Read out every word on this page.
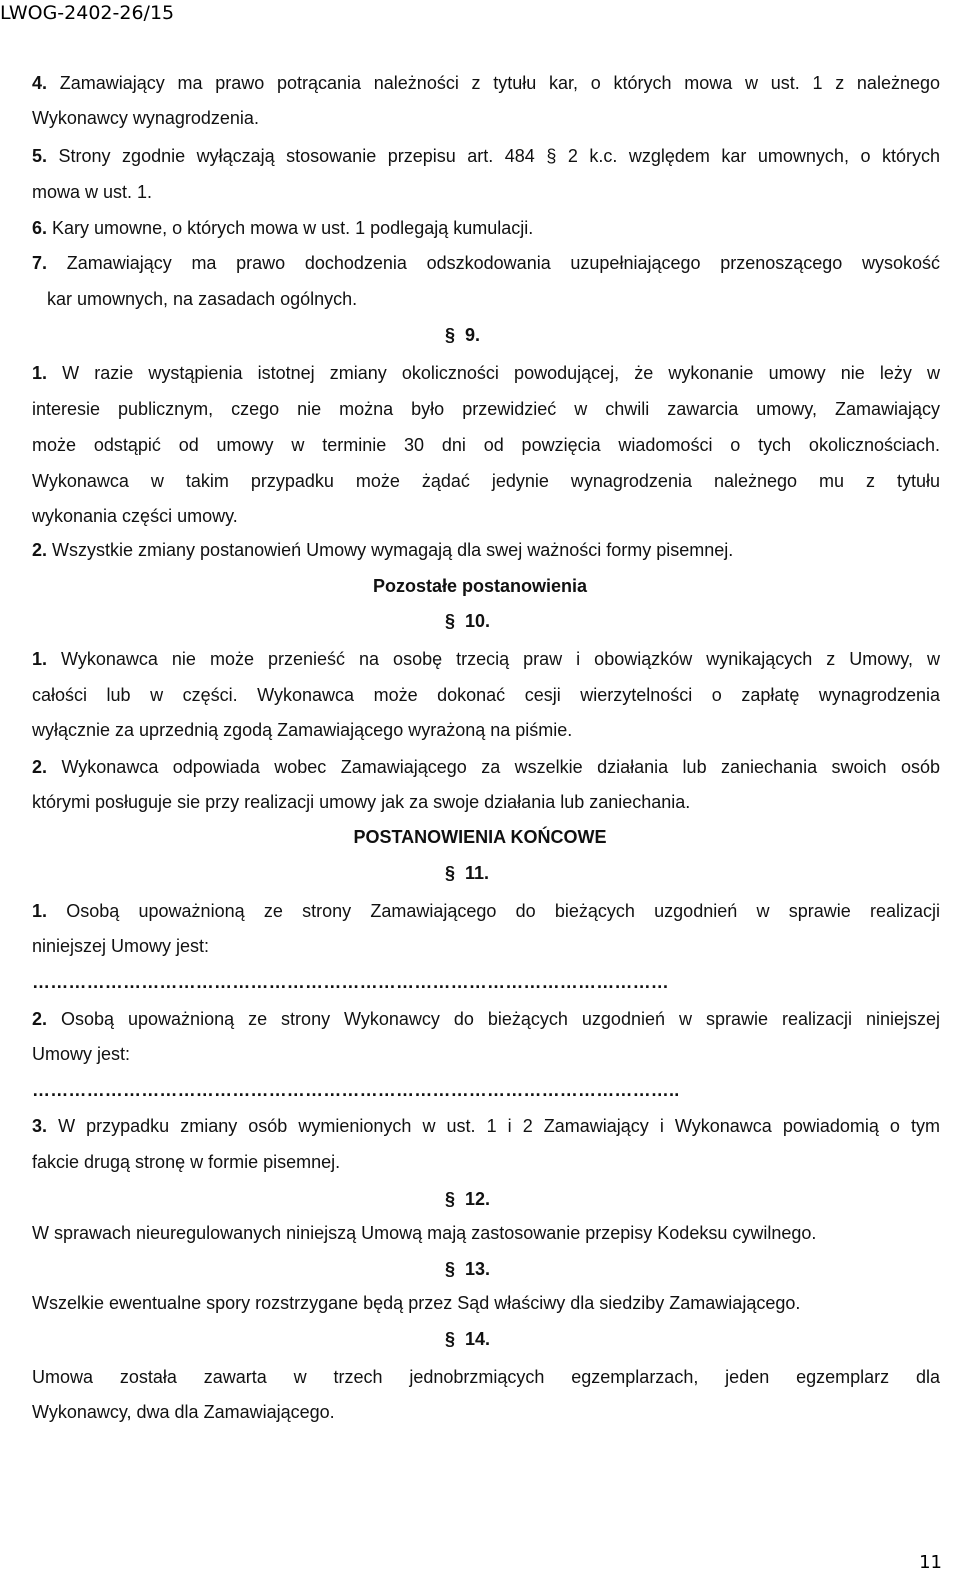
LWOG-2402-26/15
4. Zamawiający ma prawo potrącania należności z tytułu kar, o których mowa w ust. 1 z należnego
Wykonawcy wynagrodzenia.
5. Strony zgodnie wyłączają stosowanie przepisu art. 484 § 2 k.c. względem kar umownych, o których
mowa w ust. 1.
6. Kary umowne, o których mowa w ust. 1 podlegają kumulacji.
7. Zamawiający ma prawo dochodzenia odszkodowania uzupełniającego przenoszącego wysokość
kar umownych, na zasadach ogólnych.
§ 9.
1. W razie wystąpienia istotnej zmiany okoliczności powodującej, że wykonanie umowy nie leży w
interesie publicznym, czego nie można było przewidzieć w chwili zawarcia umowy, Zamawiający
może odstąpić od umowy w terminie 30 dni od powzięcia wiadomości o tych okolicznościach.
Wykonawca w takim przypadku może żądać jedynie wynagrodzenia należnego mu z tytułu
wykonania części umowy.
2. Wszystkie zmiany postanowień Umowy wymagają dla swej ważności formy pisemnej.
Pozostałe postanowienia
§ 10.
1. Wykonawca nie może przenieść na osobę trzecią praw i obowiązków wynikających z Umowy, w
całości lub w części. Wykonawca może dokonać cesji wierzytelności o zapłatę wynagrodzenia
wyłącznie za uprzednią zgodą Zamawiającego wyrażoną na piśmie.
2. Wykonawca odpowiada wobec Zamawiającego za wszelkie działania lub zaniechania swoich osób
którymi posługuje sie przy realizacji umowy jak za swoje działania lub zaniechania.
POSTANOWIENIA KOŃCOWE
§ 11.
1. Osobą upoważnioną ze strony Zamawiającego do bieżących uzgodnień w sprawie realizacji
niniejszej Umowy jest:
……………………………………………………………………………………………
2. Osobą upoważnioną ze strony Wykonawcy do bieżących uzgodnień w sprawie realizacji niniejszej
Umowy jest:
……………………………………………………………………………………………..
3. W przypadku zmiany osób wymienionych w ust. 1 i 2 Zamawiający i Wykonawca powiadomią o tym
fakcie drugą stronę w formie pisemnej.
§ 12.
W sprawach nieuregulowanych niniejszą Umową mają zastosowanie przepisy Kodeksu cywilnego.
§ 13.
Wszelkie ewentualne spory rozstrzygane będą przez Sąd właściwy dla siedziby Zamawiającego.
§ 14.
Umowa została zawarta w trzech jednobrzmiących egzemplarzach, jeden egzemplarz dla
Wykonawcy, dwa dla Zamawiającego.
11
